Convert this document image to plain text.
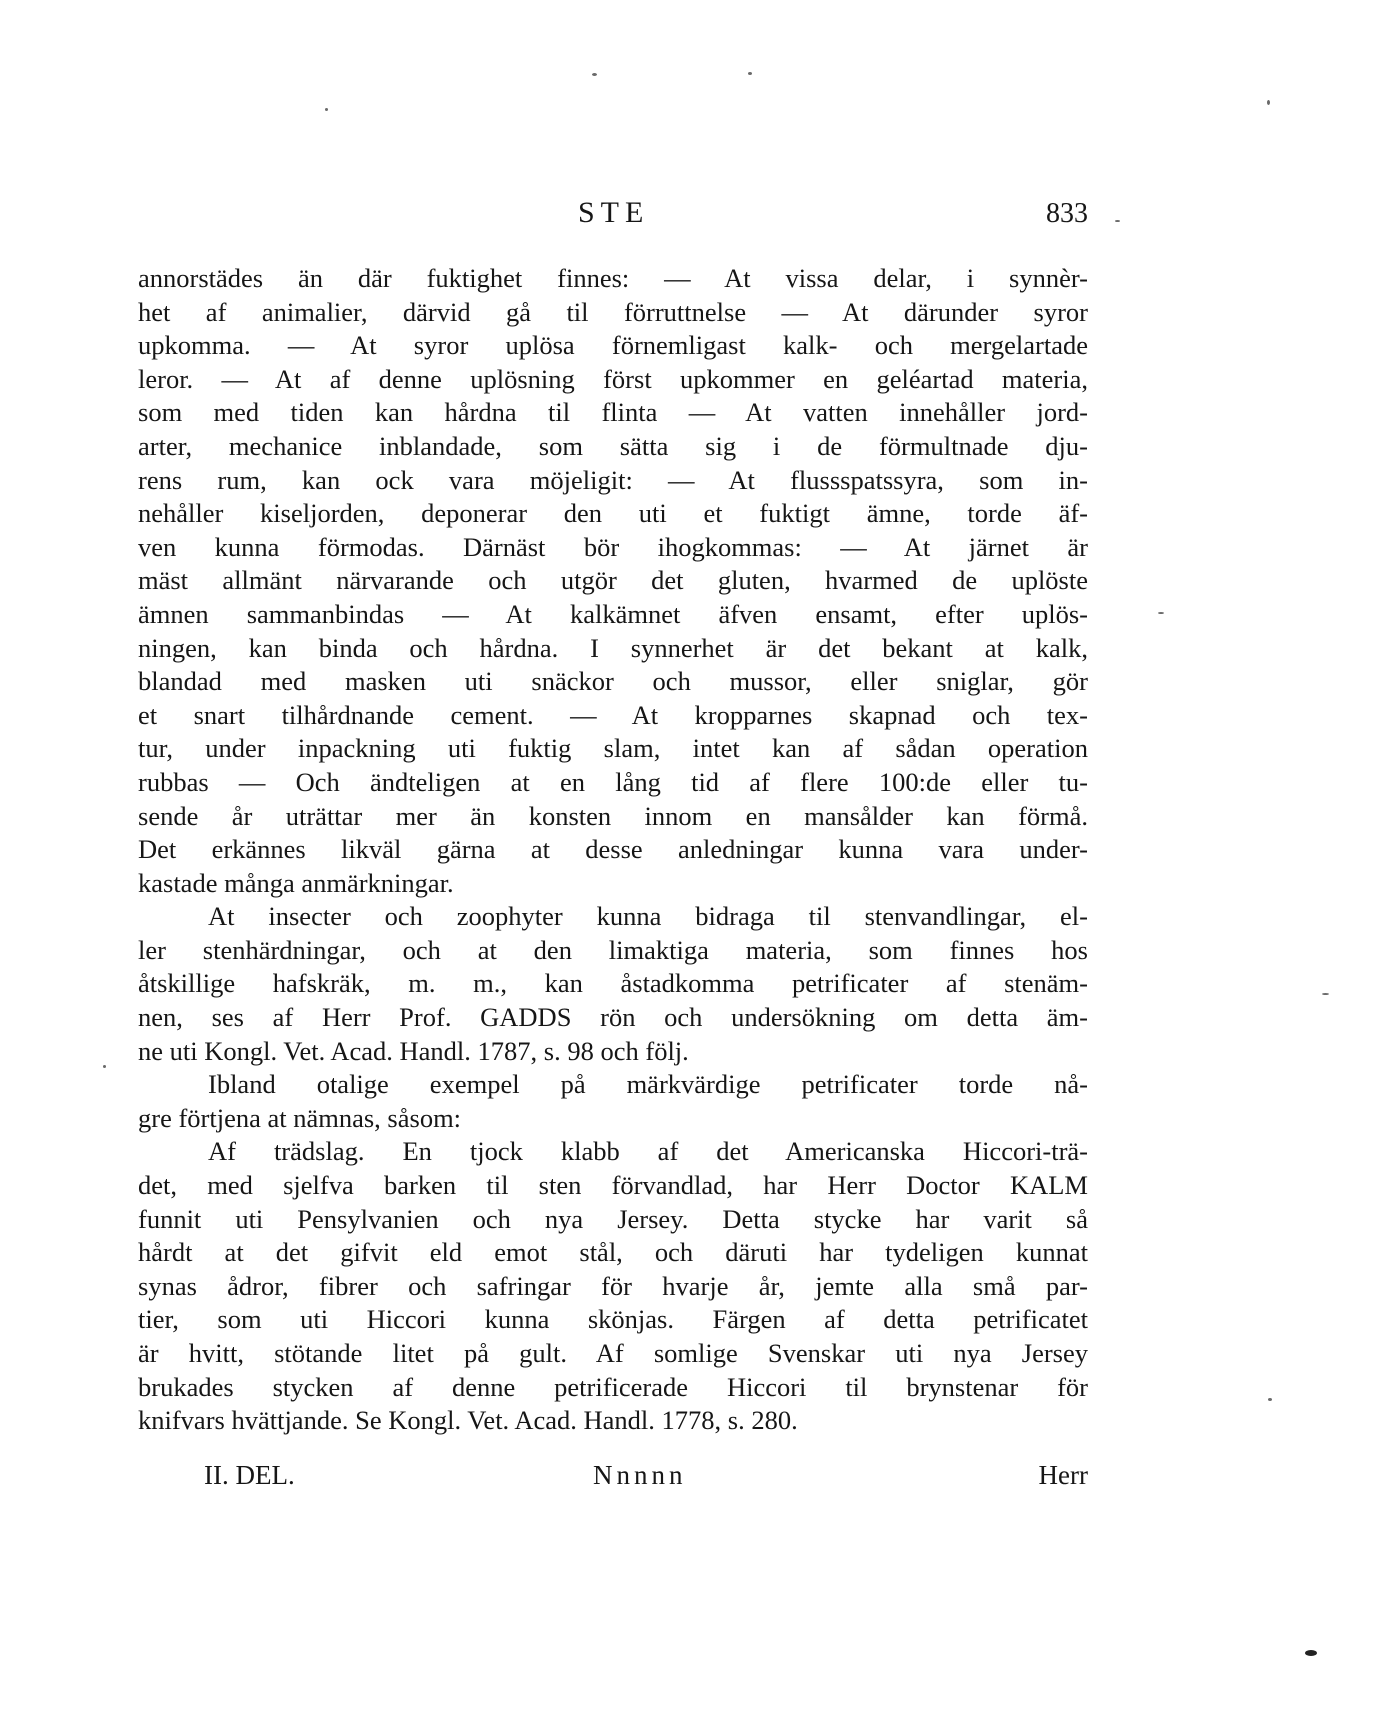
STE	833
annorstädes än där fuktighet finnes: — At vissa delar, i synnèr-
het af animalier, därvid gå til förruttnelse — At därunder syror
upkomma. — At syror uplösa förnemligast kalk- och mergelartade
leror. — At af denne uplösning först upkommer en geléartad materia,
som med tiden kan hårdna til flinta — At vatten innehåller jord-
arter, mechanice inblandade, som sätta sig i de förmultnade dju-
rens rum, kan ock vara möjeligit: — At flussspatssyra, som in-
nehåller kiseljorden, deponerar den uti et fuktigt ämne, torde äf-
ven kunna förmodas. Därnäst bör ihogkommas: — At järnet är
mäst allmänt närvarande och utgör det gluten, hvarmed de uplöste
ämnen sammanbindas — At kalkämnet äfven ensamt, efter uplös-
ningen, kan binda och hårdna. I synnerhet är det bekant at kalk,
blandad med masken uti snäckor och mussor, eller sniglar, gör
et snart tilhårdnande cement. — At kropparnes skapnad och tex-
tur, under inpackning uti fuktig slam, intet kan af sådan operation
rubbas — Och ändteligen at en lång tid af flere 100:de eller tu-
sende år uträttar mer än konsten innom en mansålder kan förmå.
Det erkännes likväl gärna at desse anledningar kunna vara under-
kastade många anmärkningar.
At insecter och zoophyter kunna bidraga til stenvandlingar, el-
ler stenhärdningar, och at den limaktiga materia, som finnes hos
åtskillige hafskräk, m. m., kan åstadkomma petrificater af stenäm-
nen, ses af Herr Prof. GADDS rön och undersökning om detta äm-
ne uti Kongl. Vet. Acad. Handl. 1787, s. 98 och följ.
Ibland otalige exempel på märkvärdige petrificater torde nå-
gre förtjena at nämnas, såsom:
Af trädslag. En tjock klabb af det Americanska Hiccori-trä-
det, med sjelfva barken til sten förvandlad, har Herr Doctor KALM
funnit uti Pensylvanien och nya Jersey. Detta stycke har varit så
hårdt at det gifvit eld emot stål, och däruti har tydeligen kunnat
synas ådror, fibrer och safringar för hvarje år, jemte alla små par-
tier, som uti Hiccori kunna skönjas. Färgen af detta petrificatet
är hvitt, stötande litet på gult. Af somlige Svenskar uti nya Jersey
brukades stycken af denne petrificerade Hiccori til brynstenar för
knifvars hvättjande. Se Kongl. Vet. Acad. Handl. 1778, s. 280.
II. DEL.	Nnnnn	Herr
